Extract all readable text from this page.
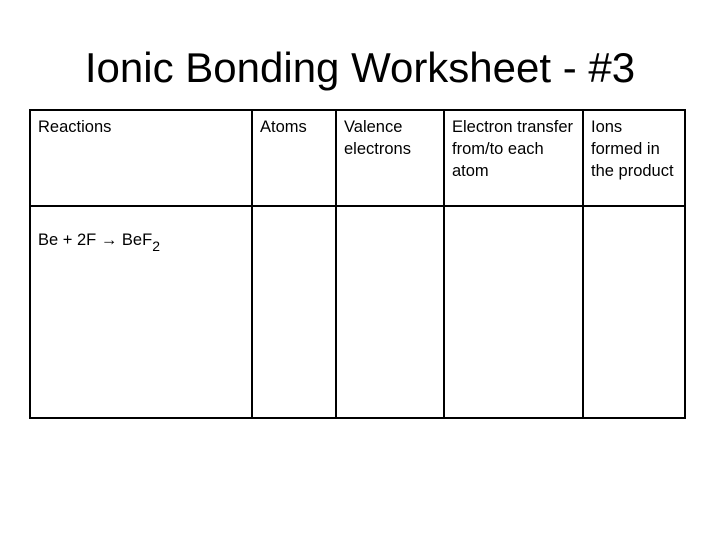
Ionic Bonding Worksheet - #3
Reactions	Atoms	Valence electrons	Electron transfer from/to each atom	Ions formed in the product
Be + 2F → BeF$_2$				
